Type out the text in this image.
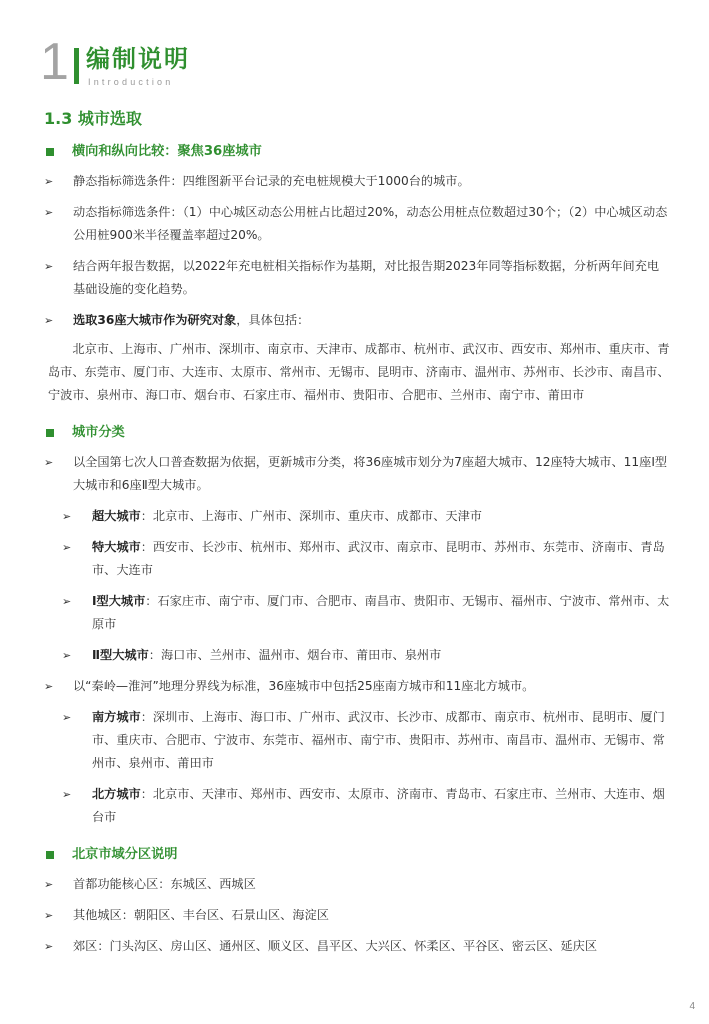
1 编制说明
Introduction
1.3 城市选取
横向和纵向比较：聚焦36座城市
➢ 静态指标筛选条件：四维图新平台记录的充电桩规模大于1000台的城市。
➢ 动态指标筛选条件：（1）中心城区动态公用桩占比超过20%，动态公用桩点位数超过30个；（2）中心城区动态公用桩900米半径覆盖率超过20%。
➢ 结合两年报告数据，以2022年充电桩相关指标作为基期，对比报告期2023年同等指标数据，分析两年间充电基础设施的变化趋势。
➢ 选取36座大城市作为研究对象，具体包括：
北京市、上海市、广州市、深圳市、南京市、天津市、成都市、杭州市、武汉市、西安市、郑州市、重庆市、青岛市、东莞市、厦门市、大连市、太原市、常州市、无锡市、昆明市、济南市、温州市、苏州市、长沙市、南昌市、宁波市、泉州市、海口市、烟台市、石家庄市、福州市、贵阳市、合肥市、兰州市、南宁市、莆田市
城市分类
➢ 以全国第七次人口普查数据为依据，更新城市分类，将36座城市划分为7座超大城市、12座特大城市、11座Ⅰ型大城市和6座Ⅱ型大城市。
➢ 超大城市：北京市、上海市、广州市、深圳市、重庆市、成都市、天津市
➢ 特大城市：西安市、长沙市、杭州市、郑州市、武汉市、南京市、昆明市、苏州市、东莞市、济南市、青岛市、大连市
➢ Ⅰ型大城市：石家庄市、南宁市、厦门市、合肥市、南昌市、贵阳市、无锡市、福州市、宁波市、常州市、太原市
➢ Ⅱ型大城市：海口市、兰州市、温州市、烟台市、莆田市、泉州市
➢ 以“秦岭—淮河”地理分界线为标准，36座城市中包括25座南方城市和11座北方城市。
➢ 南方城市：深圳市、上海市、海口市、广州市、武汉市、长沙市、成都市、南京市、杭州市、昆明市、厦门市、重庆市、合肥市、宁波市、东莞市、福州市、南宁市、贵阳市、苏州市、南昌市、温州市、无锡市、常州市、泉州市、莆田市
➢ 北方城市：北京市、天津市、郑州市、西安市、太原市、济南市、青岛市、石家庄市、兰州市、大连市、烟台市
北京市域分区说明
➢ 首都功能核心区：东城区、西城区
➢ 其他城区：朝阳区、丰台区、石景山区、海淀区
➢ 郊区：门头沟区、房山区、通州区、顺义区、昌平区、大兴区、怀柔区、平谷区、密云区、延庆区
4
